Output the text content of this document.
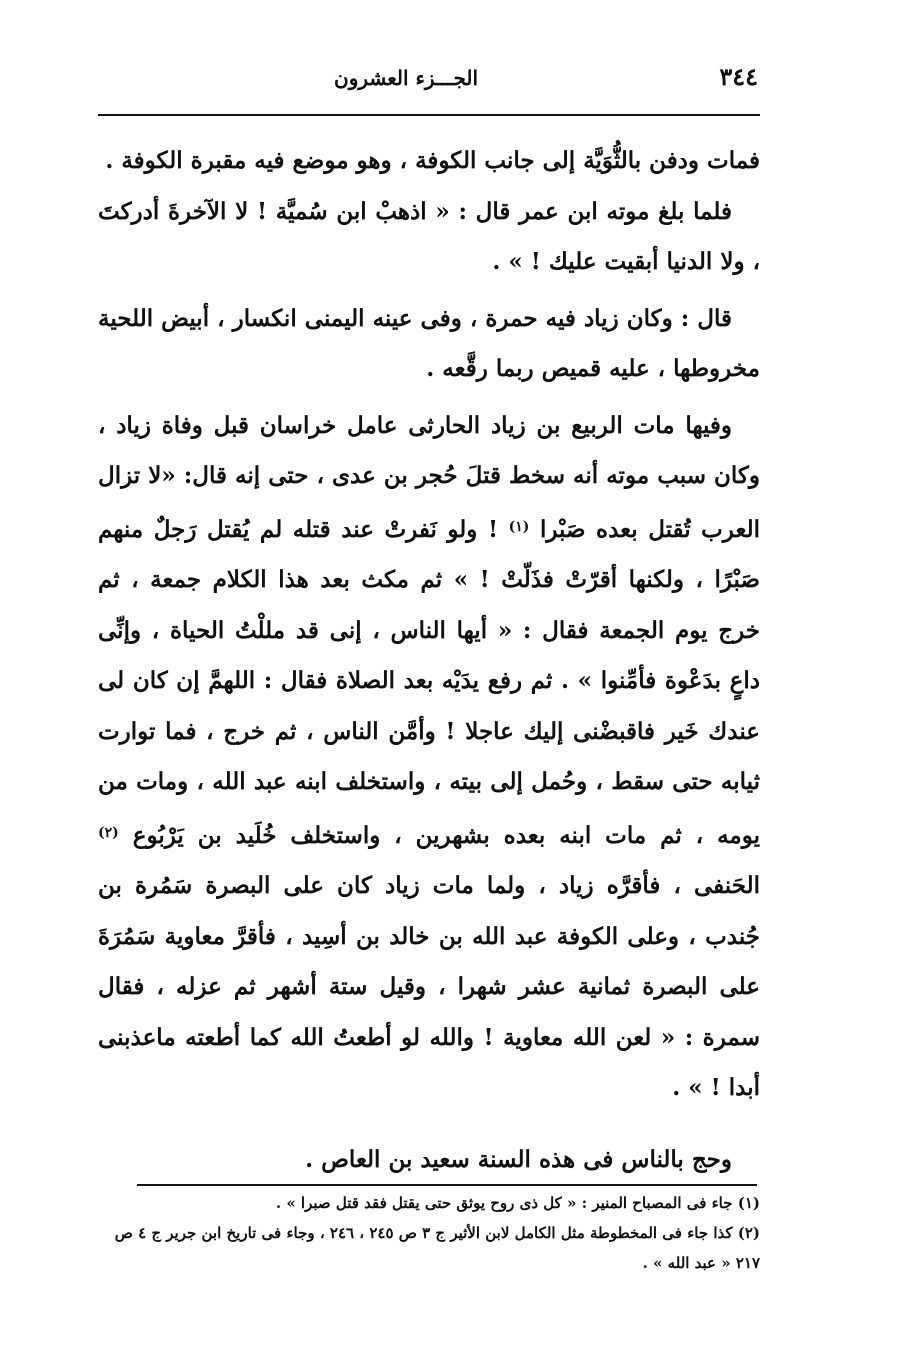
٣٤٤
الجـــزء العشرون

فمات ودفن بالثُّوَيَّة إلى جانب الكوفة ، وهو موضع فيه مقبرة الكوفة .

فلما بلغ موته ابن عمر قال : « اذهبْ ابن سُميَّة ! لا الآخرةَ أدركتَ ، ولا الدنيا أبقيت عليك ! » .

قال : وكان زياد فيه حمرة ، وفى عينه اليمنى انكسار ، أبيض اللحية مخروطها ، عليه قميص ربما رقَّعه .

وفيها مات الربيع بن زياد الحارثى عامل خراسان قبل وفاة زياد ، وكان سبب موته أنه سخط قتلَ حُجر بن عدى ، حتى إنه قال: «لا تزال العرب تُقتل بعده صَبْرا $^{(١)}$ ! ولو نَفرتْ عند قتله لم يُقتل رَجلٌ منهم صَبْرًا ، ولكنها أقرّتْ فذَلّتْ ! » ثم مكث بعد هذا الكلام جمعة ، ثم خرج يوم الجمعة فقال : « أيها الناس ، إنى قد مللْتُ الحياة ، وإنِّى داعٍ بدَعْوة فأمِّنوا » . ثم رفع يدَيْه بعد الصلاة فقال : اللهمَّ إن كان لى عندك خَير فاقبضْنى إليك عاجلا ! وأمَّن الناس ، ثم خرج ، فما توارت ثيابه حتى سقط ، وحُمل إلى بيته ، واستخلف ابنه عبد الله ، ومات من يومه ، ثم مات ابنه بعده بشهرين ، واستخلف خُلَيد بن يَرْبُوع $^{(٢)}$ الحَنفى ، فأقرَّه زياد ، ولما مات زياد كان على البصرة سَمُرة بن جُندب ، وعلى الكوفة عبد الله بن خالد بن أسِيد ، فأقرَّ معاوية سَمُرَةَ على البصرة ثمانية عشر شهرا ، وقيل ستة أشهر ثم عزله ، فقال سمرة : « لعن الله معاوية ! والله لو أطعتُ الله كما أطعته ماعذبنى أبدا ! » .

وحج بالناس فى هذه السنة سعيد بن العاص .

(١) جاء فى المصباح المنير : « كل ذى روح يوثق حتى يقتل فقد قتل صبرا » .

(٢) كذا جاء فى المخطوطة مثل الكامل لابن الأثير ج ٣ ص ٢٤٥ ، ٢٤٦ ، وجاء فى تاريخ ابن جرير ج ٤ ص ٢١٧ « عبد الله » .
